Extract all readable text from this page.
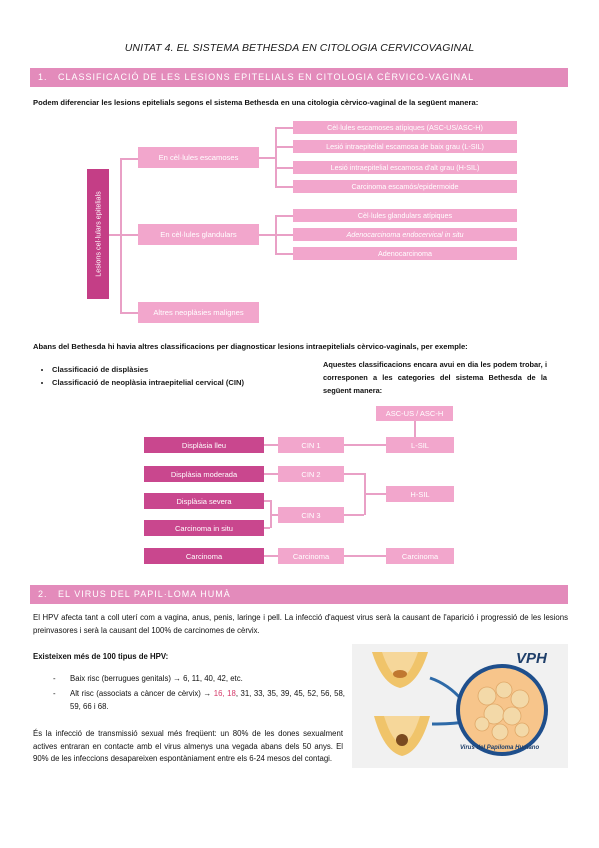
UNITAT 4. EL SISTEMA BETHESDA EN CITOLOGIA CERVICOVAGINAL
1. CLASSIFICACIÓ DE LES LESIONS EPITELIALS EN CITOLOGIA CÈRVICO-VAGINAL
Podem diferenciar les lesions epitelials segons el sistema Bethesda en una citologia cèrvico-vaginal de la següent manera:
Lesions cel·lulars epitelials
En cèl·lules escamoses
En cèl·lules glandulars
Altres neoplàsies malignes
Cèl·lules escamoses atípiques (ASC-US/ASC-H)
Lesió intraepitelial escamosa de baix grau (L-SIL)
Lesió intraepitelial escamosa d'alt grau (H-SIL)
Carcinoma escamós/epidermoide
Cèl·lules glandulars atípiques
Adenocarcinoma endocervical in situ
Adenocarcinoma
Abans del Bethesda hi havia altres classificacions per diagnosticar lesions intraepitelials cèrvico-vaginals, per exemple:
• Classificació de displàsies
• Classificació de neoplàsia intraepitelial cervical (CIN)
Aquestes classificacions encara avui en dia les podem trobar, i corresponen a les categories del sistema Bethesda de la següent manera:
ASC-US / ASC-H
Displàsia lleu
Displàsia moderada
Displàsia severa
Carcinoma in situ
Carcinoma
CIN 1
CIN 2
CIN 3
Carcinoma
L-SIL
H-SIL
Carcinoma
2. EL VIRUS DEL PAPIL·LOMA HUMÀ
El HPV afecta tant a coll uterí com a vagina, anus, penis, laringe i pell. La infecció d'aquest virus serà la causant de l'aparició i progressió de les lesions preinvasores i serà la causant del 100% de carcinomes de cèrvix.
Existeixen més de 100 tipus de HPV:
-	Baix risc (berrugues genitals) → 6, 11, 40, 42, etc.
-	Alt risc (associats a càncer de cèrvix) → 16, 18, 31, 33, 35, 39, 45, 52, 56, 58, 59, 66 i 68.
És la infecció de transmissió sexual més freqüent: un 80% de les dones sexualment actives entraran en contacte amb el virus almenys una vegada abans dels 50 anys. El 90% de les infeccions desapareixen espontàniament entre els 6-24 mesos del contagi.
VPH
Virus del Papiloma Humano
